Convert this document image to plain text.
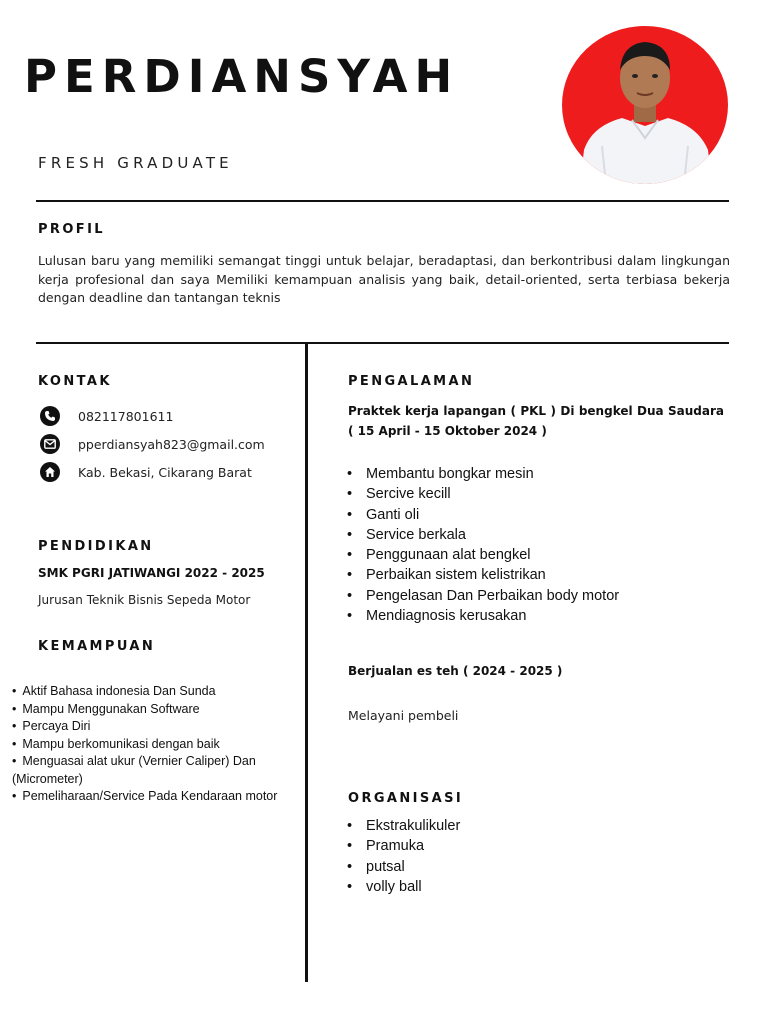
PERDIANSYAH
FRESH GRADUATE
PROFIL
Lulusan baru yang memiliki semangat tinggi untuk belajar, beradaptasi, dan berkontribusi dalam lingkungan kerja profesional dan saya Memiliki kemampuan analisis yang baik, detail-oriented, serta terbiasa bekerja dengan deadline dan tantangan teknis
KONTAK
082117801611
pperdiansyah823@gmail.com
Kab. Bekasi, Cikarang Barat
PENDIDIKAN
SMK PGRI JATIWANGI 2022 - 2025
Jurusan Teknik Bisnis Sepeda Motor
KEMAMPUAN
• Aktif Bahasa indonesia Dan Sunda
• Mampu Menggunakan Software
• Percaya Diri
• Mampu berkomunikasi dengan baik
• Menguasai alat ukur (Vernier Caliper) Dan (Micrometer)
• Pemeliharaan/Service Pada Kendaraan motor
PENGALAMAN
Praktek kerja lapangan ( PKL ) Di bengkel Dua Saudara ( 15 April - 15 Oktober 2024 )
• Membantu bongkar mesin
• Sercive kecill
• Ganti oli
• Service berkala
• Penggunaan alat bengkel
• Perbaikan sistem kelistrikan
• Pengelasan Dan Perbaikan body motor
• Mendiagnosis kerusakan
Berjualan es teh ( 2024 - 2025 )
Melayani pembeli
ORGANISASI
• Ekstrakulikuler
• Pramuka
• putsal
• volly ball
